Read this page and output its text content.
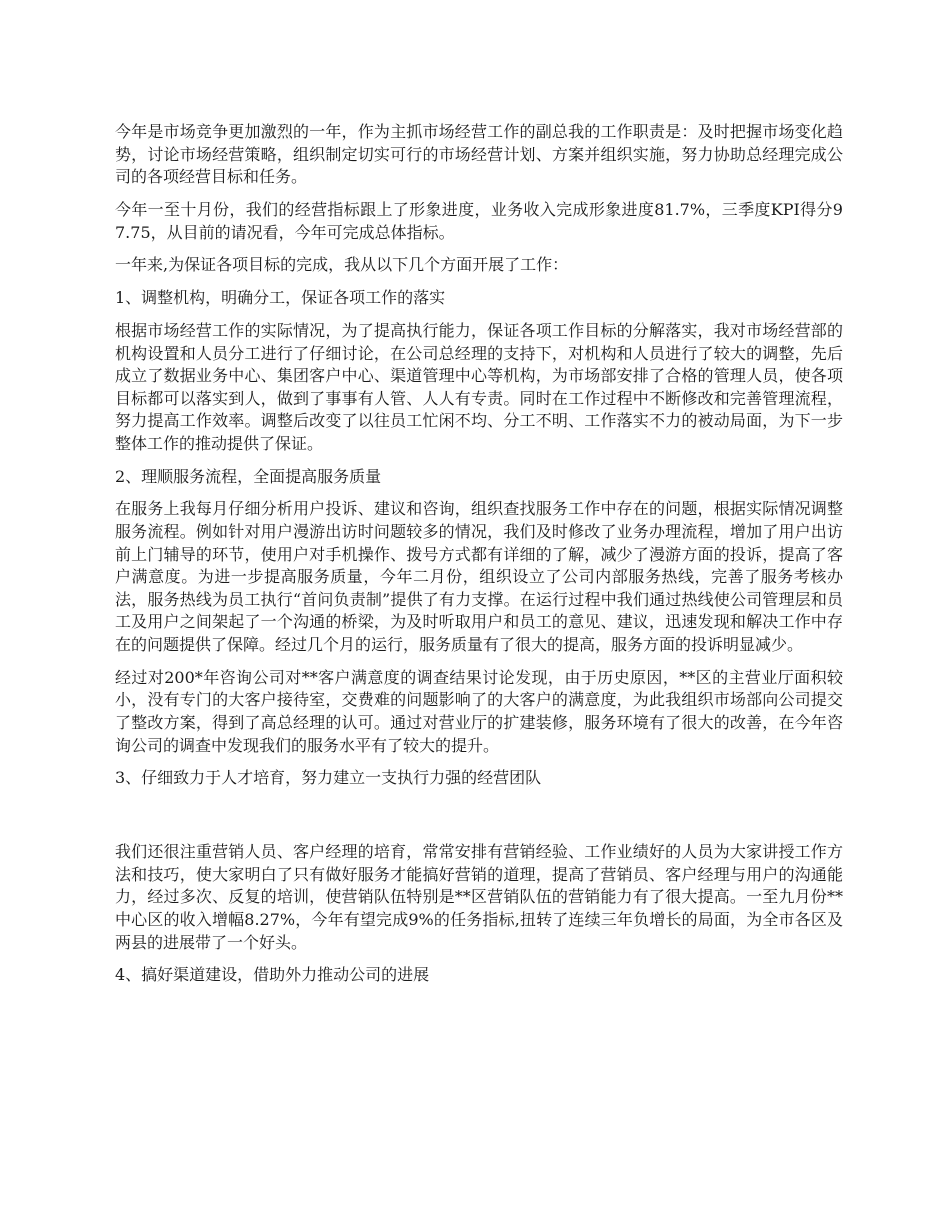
今年是市场竞争更加激烈的一年，作为主抓市场经营工作的副总我的工作职责是：及时把握市场变化趋势，讨论市场经营策略，组织制定切实可行的市场经营计划、方案并组织实施，努力协助总经理完成公司的各项经营目标和任务。

今年一至十月份，我们的经营指标跟上了形象进度，业务收入完成形象进度81.7%，三季度KPI得分97.75，从目前的请况看，今年可完成总体指标。

一年来,为保证各项目标的完成，我从以下几个方面开展了工作：

1、调整机构，明确分工，保证各项工作的落实

根据市场经营工作的实际情况，为了提高执行能力，保证各项工作目标的分解落实，我对市场经营部的机构设置和人员分工进行了仔细讨论，在公司总经理的支持下，对机构和人员进行了较大的调整，先后成立了数据业务中心、集团客户中心、渠道管理中心等机构，为市场部安排了合格的管理人员，使各项目标都可以落实到人，做到了事事有人管、人人有专责。同时在工作过程中不断修改和完善管理流程，努力提高工作效率。调整后改变了以往员工忙闲不均、分工不明、工作落实不力的被动局面，为下一步整体工作的推动提供了保证。

2、理顺服务流程，全面提高服务质量

在服务上我每月仔细分析用户投诉、建议和咨询，组织查找服务工作中存在的问题，根据实际情况调整服务流程。例如针对用户漫游出访时问题较多的情况，我们及时修改了业务办理流程，增加了用户出访前上门辅导的环节，使用户对手机操作、拨号方式都有详细的了解，减少了漫游方面的投诉，提高了客户满意度。为进一步提高服务质量，今年二月份，组织设立了公司内部服务热线，完善了服务考核办法，服务热线为员工执行“首问负责制”提供了有力支撑。在运行过程中我们通过热线使公司管理层和员工及用户之间架起了一个沟通的桥梁，为及时听取用户和员工的意见、建议，迅速发现和解决工作中存在的问题提供了保障。经过几个月的运行，服务质量有了很大的提高，服务方面的投诉明显减少。

经过对200*年咨询公司对**客户满意度的调查结果讨论发现，由于历史原因，**区的主营业厅面积较小，没有专门的大客户接待室，交费难的问题影响了的大客户的满意度，为此我组织市场部向公司提交了整改方案，得到了高总经理的认可。通过对营业厅的扩建装修，服务环境有了很大的改善，在今年咨询公司的调查中发现我们的服务水平有了较大的提升。

3、仔细致力于人才培育，努力建立一支执行力强的经营团队

我们还很注重营销人员、客户经理的培育，常常安排有营销经验、工作业绩好的人员为大家讲授工作方法和技巧，使大家明白了只有做好服务才能搞好营销的道理，提高了营销员、客户经理与用户的沟通能力，经过多次、反复的培训，使营销队伍特别是**区营销队伍的营销能力有了很大提高。一至九月份**中心区的收入增幅8.27%，今年有望完成9%的任务指标,扭转了连续三年负增长的局面，为全市各区及两县的进展带了一个好头。

4、搞好渠道建设，借助外力推动公司的进展
